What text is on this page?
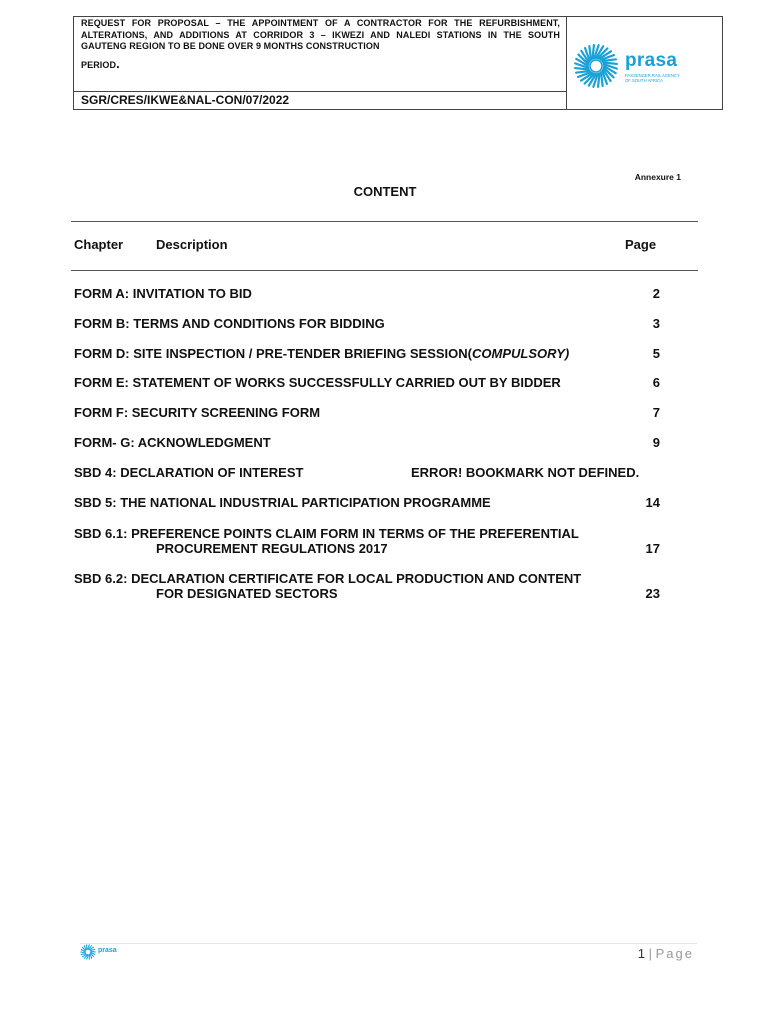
REQUEST FOR PROPOSAL – THE APPOINTMENT OF A CONTRACTOR FOR THE REFURBISHMENT, ALTERATIONS, AND ADDITIONS AT CORRIDOR 3 – IKWEZI AND NALEDI STATIONS IN THE SOUTH GAUTENG REGION TO BE DONE OVER 9 MONTHS CONSTRUCTION
PERIOD.
SGR/CRES/IKWE&NAL-CON/07/2022
prasa
PASSENGER RAIL AGENCY OF SOUTH AFRICA
Annexure 1
CONTENT
Chapter	Description	Page
FORM A: INVITATION TO BID	2
FORM B: TERMS AND CONDITIONS FOR BIDDING	3
FORM D: SITE INSPECTION / PRE-TENDER BRIEFING SESSION(COMPULSORY)	5
FORM E: STATEMENT OF WORKS SUCCESSFULLY CARRIED OUT BY BIDDER	6
FORM F: SECURITY SCREENING FORM	7
FORM- G: ACKNOWLEDGMENT	9
SBD 4: DECLARATION OF INTEREST	ERROR! BOOKMARK NOT DEFINED.
SBD 5: THE NATIONAL INDUSTRIAL PARTICIPATION PROGRAMME	14
SBD 6.1: PREFERENCE POINTS CLAIM FORM IN TERMS OF THE PREFERENTIAL
PROCUREMENT REGULATIONS 2017	17
SBD 6.2: DECLARATION CERTIFICATE FOR LOCAL PRODUCTION AND CONTENT
FOR DESIGNATED SECTORS	23
prasa	1 | Page
